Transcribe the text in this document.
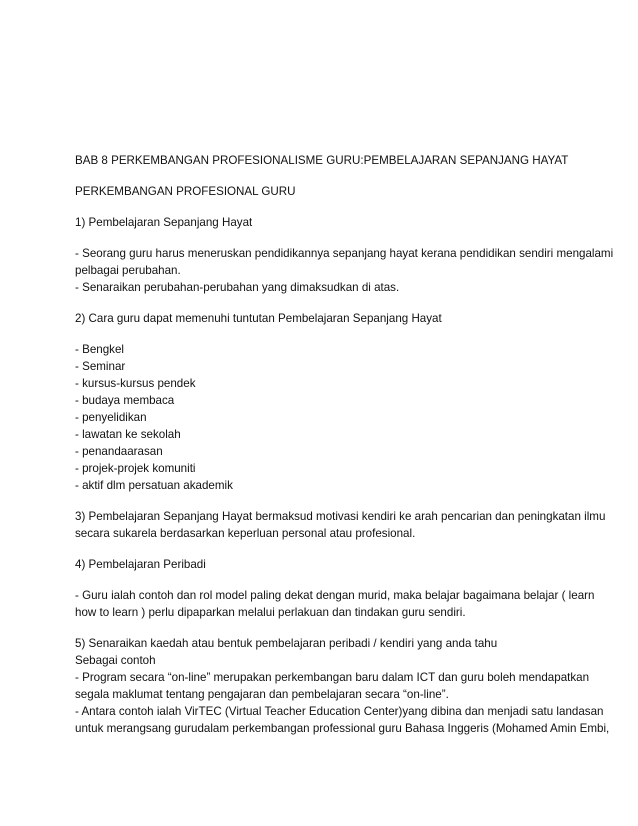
BAB 8 PERKEMBANGAN PROFESIONALISME GURU:PEMBELAJARAN SEPANJANG HAYAT
PERKEMBANGAN PROFESIONAL GURU
1) Pembelajaran Sepanjang Hayat
- Seorang guru harus meneruskan pendidikannya sepanjang hayat kerana pendidikan sendiri mengalami
pelbagai perubahan.
- Senaraikan perubahan-perubahan yang dimaksudkan di atas.
2) Cara guru dapat memenuhi tuntutan Pembelajaran Sepanjang Hayat
- Bengkel
- Seminar
- kursus-kursus pendek
- budaya membaca
- penyelidikan
- lawatan ke sekolah
- penandaarasan
- projek-projek komuniti
- aktif dlm persatuan akademik
3) Pembelajaran Sepanjang Hayat bermaksud motivasi kendiri ke arah pencarian dan peningkatan ilmu
secara sukarela berdasarkan keperluan personal atau profesional.
4) Pembelajaran Peribadi
- Guru ialah contoh dan rol model paling dekat dengan murid, maka belajar bagaimana belajar ( learn
how to learn ) perlu dipaparkan melalui perlakuan dan tindakan guru sendiri.
5) Senaraikan kaedah atau bentuk pembelajaran peribadi / kendiri yang anda tahu
Sebagai contoh
- Program secara “on-line” merupakan perkembangan baru dalam ICT dan guru boleh mendapatkan
segala maklumat tentang pengajaran dan pembelajaran secara “on-line”.
- Antara contoh ialah VirTEC (Virtual Teacher Education Center)yang dibina dan menjadi satu landasan
untuk merangsang gurudalam perkembangan professional guru Bahasa Inggeris (Mohamed Amin Embi,
